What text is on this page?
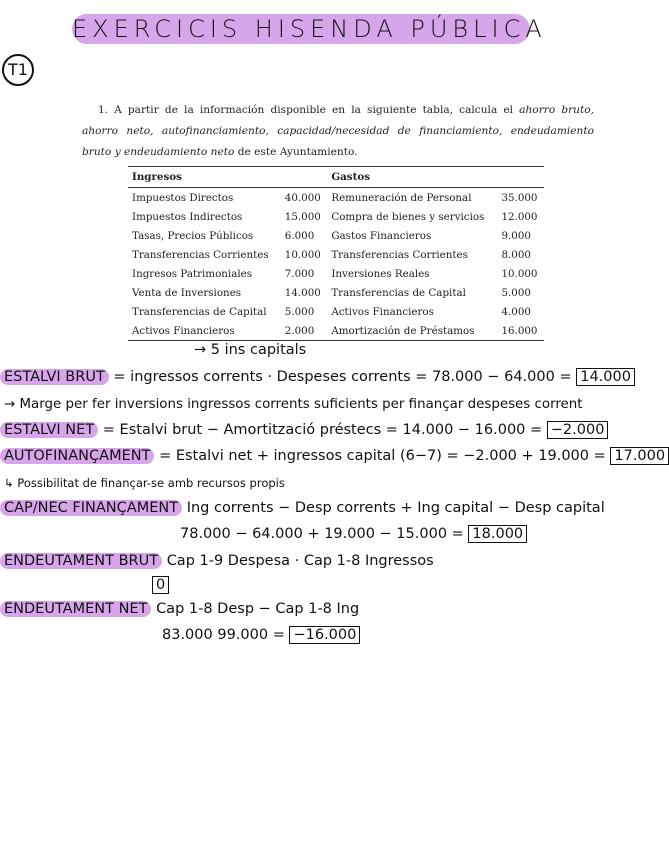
EXERCICIS HISENDA PÚBLICA
T1
1. A partir de la información disponible en la siguiente tabla, calcula el ahorro bruto, ahorro neto, autofinanciamiento, capacidad/necesidad de financiamiento, endeudamiento bruto y endeudamiento neto de este Ayuntamiento.
Ingresos		Gastos	
Impuestos Directos	40.000	Remuneración de Personal	35.000
Impuestos Indirectos	15.000	Compra de bienes y servicios	12.000
Tasas, Precios Públicos	6.000	Gastos Financieros	9.000
Transferencias Corrientes	10.000	Transferencias Corrientes	8.000
Ingresos Patrimoniales	7.000	Inversiones Reales	10.000
Venta de Inversiones	14.000	Transferencias de Capital	5.000
Transferencias de Capital	5.000	Activos Financieros	4.000
Activos Financieros	2.000	Amortización de Préstamos	16.000
→ 5 ins capitals
ESTALVI BRUT = ingressos corrents · Despeses corrents = 78.000 − 64.000 = 14.000
→ Marge per fer inversions ingressos corrents suficients per finançar despeses corrent
ESTALVI NET = Estalvi brut − Amortització préstecs = 14.000 − 16.000 = −2.000
AUTOFINANÇAMENT = Estalvi net + ingressos capital (6−7) = −2.000 + 19.000 = 17.000
↳ Possibilitat de finançar-se amb recursos propis
CAP/NEC FINANÇAMENT Ing corrents − Desp corrents + Ing capital − Desp capital
78.000 − 64.000 + 19.000 − 15.000 = 18.000
ENDEUTAMENT BRUT Cap 1-9 Despesa · Cap 1-8 Ingressos
0
ENDEUTAMENT NET Cap 1-8 Desp − Cap 1-8 Ing
83.000 99.000 = −16.000
